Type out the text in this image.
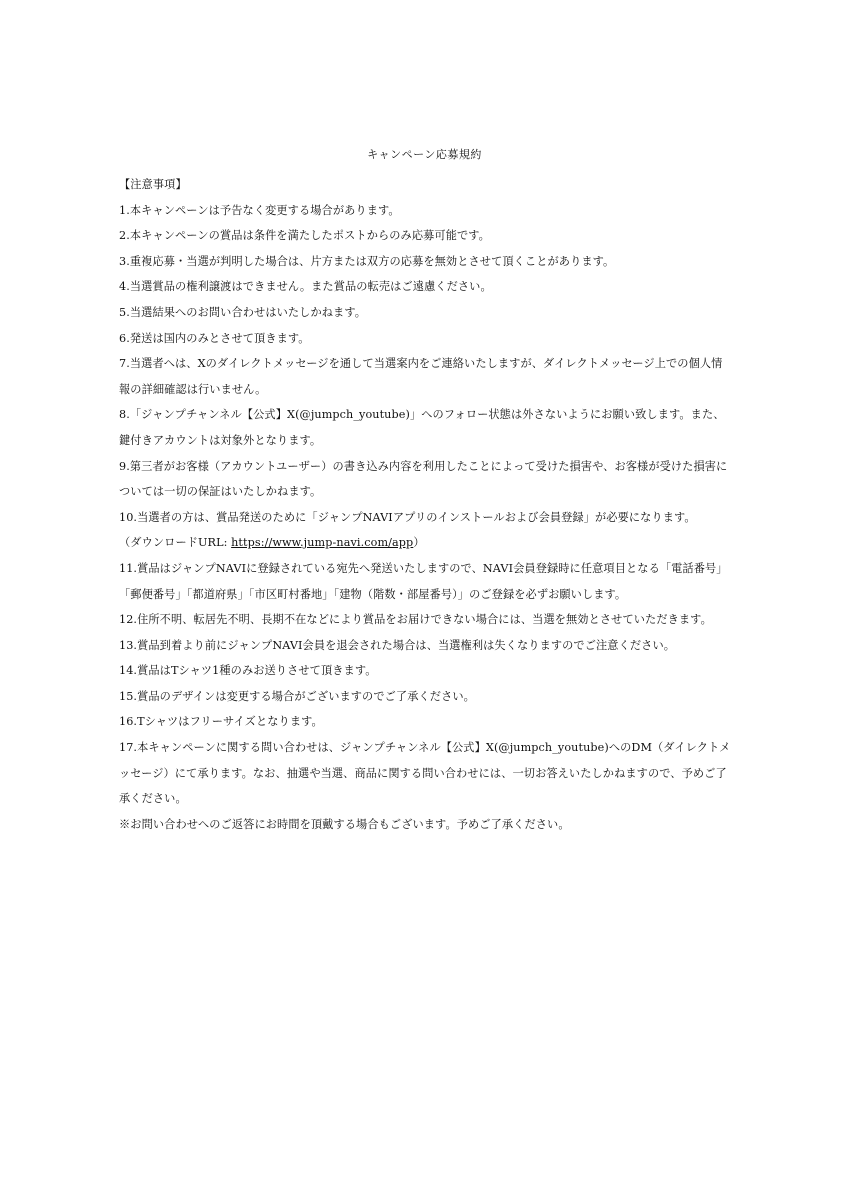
キャンペーン応募規約

【注意事項】

1.本キャンペーンは予告なく変更する場合があります。

2.本キャンペーンの賞品は条件を満たしたポストからのみ応募可能です。

3.重複応募・当選が判明した場合は、片方または双方の応募を無効とさせて頂くことがあります。

4.当選賞品の権利譲渡はできません。また賞品の転売はご遠慮ください。

5.当選結果へのお問い合わせはいたしかねます。

6.発送は国内のみとさせて頂きます。

7.当選者へは、Xのダイレクトメッセージを通して当選案内をご連絡いたしますが、ダイレクトメッセージ上での個人情報の詳細確認は行いません。

8.「ジャンプチャンネル【公式】X(@jumpch_youtube)」へのフォロー状態は外さないようにお願い致します。また、鍵付きアカウントは対象外となります。

9.第三者がお客様（アカウントユーザー）の書き込み内容を利用したことによって受けた損害や、お客様が受けた損害については一切の保証はいたしかねます。

10.当選者の方は、賞品発送のために「ジャンプNAVIアプリのインストールおよび会員登録」が必要になります。

（ダウンロードURL: https://www.jump-navi.com/app）

11.賞品はジャンプNAVIに登録されている宛先へ発送いたしますので、NAVI会員登録時に任意項目となる「電話番号」「郵便番号」「都道府県」「市区町村番地」「建物（階数・部屋番号）」のご登録を必ずお願いします。

12.住所不明、転居先不明、長期不在などにより賞品をお届けできない場合には、当選を無効とさせていただきます。

13.賞品到着より前にジャンプNAVI会員を退会された場合は、当選権利は失くなりますのでご注意ください。

14.賞品はTシャツ1種のみお送りさせて頂きます。

15.賞品のデザインは変更する場合がございますのでご了承ください。

16.Tシャツはフリーサイズとなります。

17.本キャンペーンに関する問い合わせは、ジャンプチャンネル【公式】X(@jumpch_youtube)へのDM（ダイレクトメッセージ）にて承ります。なお、抽選や当選、商品に関する問い合わせには、一切お答えいたしかねますので、予めご了承ください。

※お問い合わせへのご返答にお時間を頂戴する場合もございます。予めご了承ください。
